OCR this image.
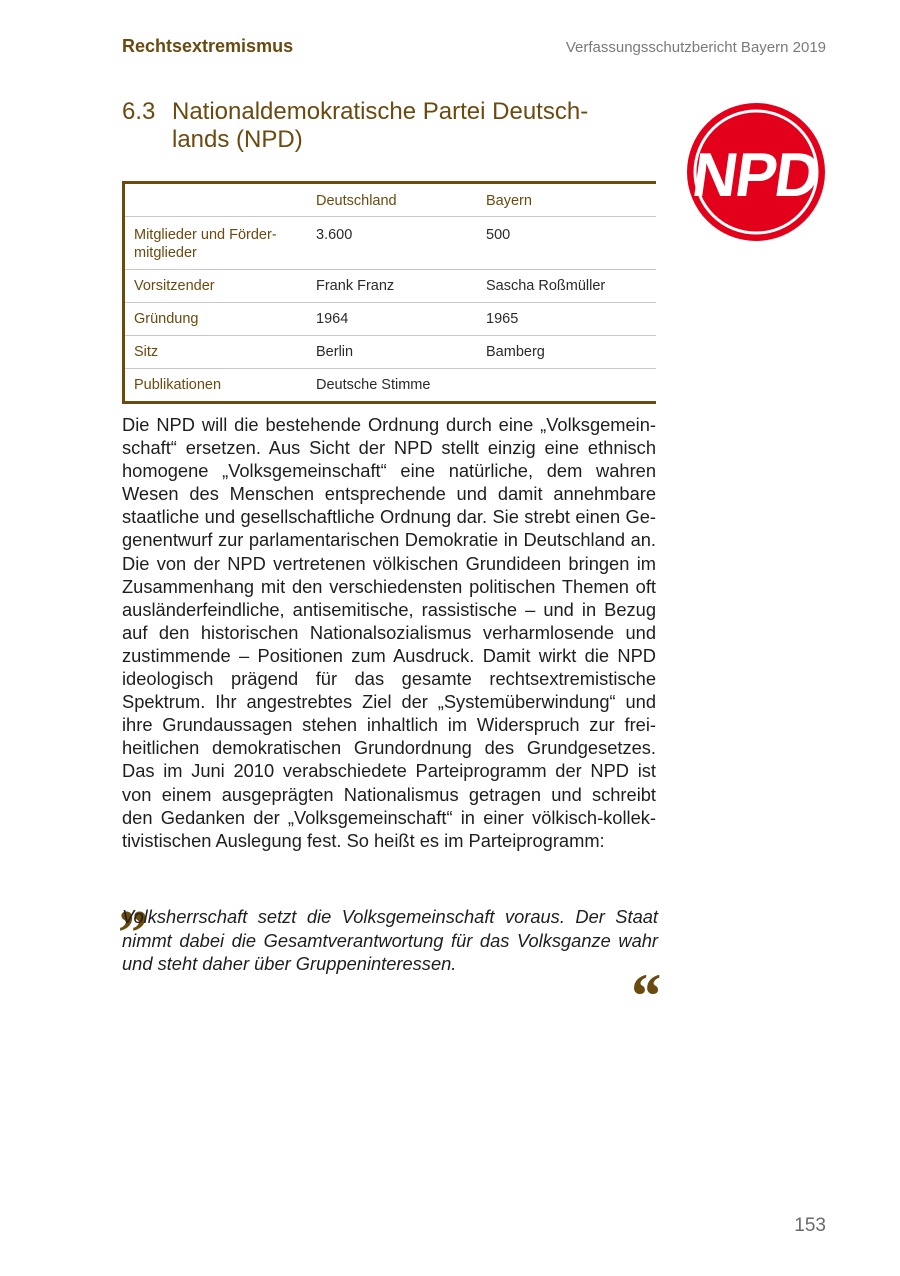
Rechtsextremismus	Verfassungsschutzbericht Bayern 2019
6.3 Nationaldemokratische Partei Deutsch- lands (NPD)
NPD
	Deutschland	Bayern
Mitglieder und Förder- mitglieder	3.600	500
Vorsitzender	Frank Franz	Sascha Roßmüller
Gründung	1964	1965
Sitz	Berlin	Bamberg
Publikationen	Deutsche Stimme	
Die NPD will die bestehende Ordnung durch eine „Volksgemeinschaft“ ersetzen. Aus Sicht der NPD stellt einzig eine ethnisch homogene „Volksgemeinschaft“ eine natürliche, dem wahren Wesen des Menschen entsprechende und damit annehmbare staatliche und gesellschaftliche Ordnung dar. Sie strebt einen Gegenentwurf zur parlamentarischen Demokratie in Deutschland an. Die von der NPD vertretenen völkischen Grundideen bringen im Zusammenhang mit den verschiedensten politischen Themen oft ausländerfeindliche, antisemitische, rassistische – und in Bezug auf den historischen Nationalsozialismus verharmlosende und zustimmende – Positionen zum Ausdruck. Damit wirkt die NPD ideologisch prägend für das gesamte rechtsextremistische Spektrum. Ihr angestrebtes Ziel der „Systemüberwindung“ und ihre Grundaussagen stehen inhaltlich im Widerspruch zur freiheitlichen demokratischen Grundordnung des Grundgesetzes. Das im Juni 2010 verabschiedete Parteiprogramm der NPD ist von einem ausgeprägten Nationalismus getragen und schreibt den Gedanken der „Volksgemeinschaft“ in einer völkisch-kollektivistischen Auslegung fest. So heißt es im Parteiprogramm:
„
Volksherrschaft setzt die Volksgemeinschaft voraus. Der Staat nimmt dabei die Gesamtverantwortung für das Volksganze wahr und steht daher über Gruppeninteressen.	“
153
